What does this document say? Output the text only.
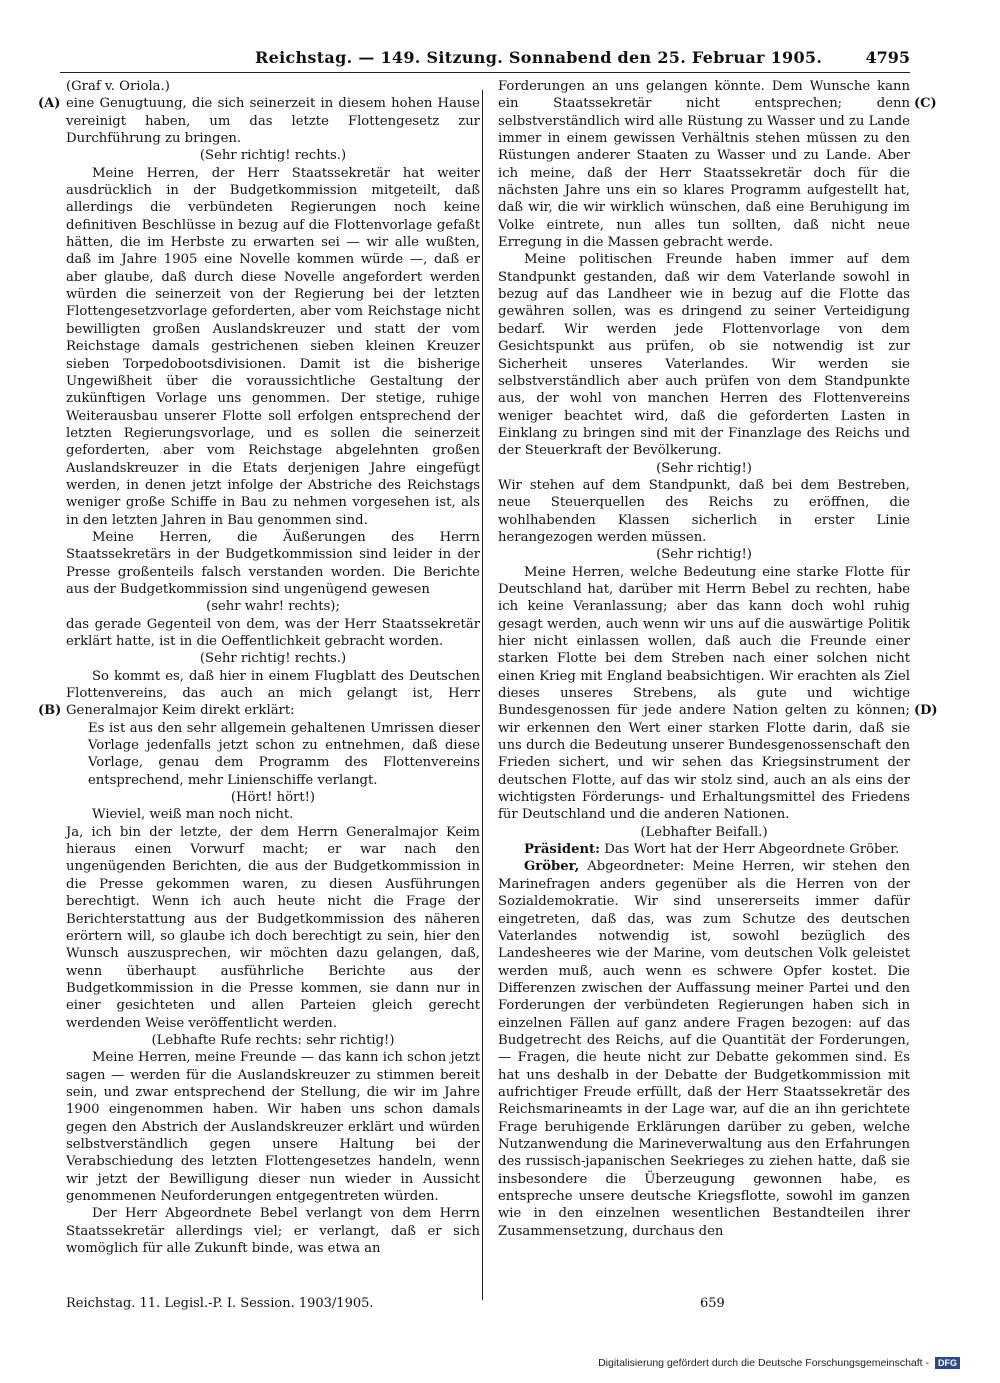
Reichstag. — 149. Sitzung. Sonnabend den 25. Februar 1905.	4795
(A)
(B)
(C)
(D)

(Graf v. Oriola.)

eine Genugtuung, die sich seinerzeit in diesem hohen Hause vereinigt haben, um das letzte Flottengesetz zur Durchführung zu bringen.

(Sehr richtig! rechts.)

Meine Herren, der Herr Staatssekretär hat weiter ausdrücklich in der Budgetkommission mitgeteilt, daß allerdings die verbündeten Regierungen noch keine definitiven Beschlüsse in bezug auf die Flottenvorlage gefaßt hätten, die im Herbste zu erwarten sei — wir alle wußten, daß im Jahre 1905 eine Novelle kommen würde —, daß er aber glaube, daß durch diese Novelle angefordert werden würden die seinerzeit von der Regierung bei der letzten Flottengesetzvorlage geforderten, aber vom Reichstage nicht bewilligten großen Auslandskreuzer und statt der vom Reichstage damals gestrichenen sieben kleinen Kreuzer sieben Torpedobootsdivisionen. Damit ist die bisherige Ungewißheit über die voraussichtliche Gestaltung der zukünftigen Vorlage uns genommen. Der stetige, ruhige Weiterausbau unserer Flotte soll erfolgen entsprechend der letzten Regierungsvorlage, und es sollen die seinerzeit geforderten, aber vom Reichstage abgelehnten großen Auslandskreuzer in die Etats derjenigen Jahre eingefügt werden, in denen jetzt infolge der Abstriche des Reichstags weniger große Schiffe in Bau zu nehmen vorgesehen ist, als in den letzten Jahren in Bau genommen sind.

Meine Herren, die Äußerungen des Herrn Staatssekretärs in der Budgetkommission sind leider in der Presse großenteils falsch verstanden worden. Die Berichte aus der Budgetkommission sind ungenügend gewesen

(sehr wahr! rechts);

das gerade Gegenteil von dem, was der Herr Staatssekretär erklärt hatte, ist in die Oeffentlichkeit gebracht worden.

(Sehr richtig! rechts.)

So kommt es, daß hier in einem Flugblatt des Deutschen Flottenvereins, das auch an mich gelangt ist, Herr Generalmajor Keim direkt erklärt:

Es ist aus den sehr allgemein gehaltenen Umrissen dieser Vorlage jedenfalls jetzt schon zu entnehmen, daß diese Vorlage, genau dem Programm des Flottenvereins entsprechend, mehr Linienschiffe verlangt.

(Hört! hört!)

Wieviel, weiß man noch nicht.

Ja, ich bin der letzte, der dem Herrn Generalmajor Keim hieraus einen Vorwurf macht; er war nach den ungenügenden Berichten, die aus der Budgetkommission in die Presse gekommen waren, zu diesen Ausführungen berechtigt. Wenn ich auch heute nicht die Frage der Berichterstattung aus der Budgetkommission des näheren erörtern will, so glaube ich doch berechtigt zu sein, hier den Wunsch auszusprechen, wir möchten dazu gelangen, daß, wenn überhaupt ausführliche Berichte aus der Budgetkommission in die Presse kommen, sie dann nur in einer gesichteten und allen Parteien gleich gerecht werdenden Weise veröffentlicht werden.

(Lebhafte Rufe rechts: sehr richtig!)

Meine Herren, meine Freunde — das kann ich schon jetzt sagen — werden für die Auslandskreuzer zu stimmen bereit sein, und zwar entsprechend der Stellung, die wir im Jahre 1900 eingenommen haben. Wir haben uns schon damals gegen den Abstrich der Auslandskreuzer erklärt und würden selbstverständlich gegen unsere Haltung bei der Verabschiedung des letzten Flottengesetzes handeln, wenn wir jetzt der Bewilligung dieser nun wieder in Aussicht genommenen Neuforderungen entgegentreten würden.

Der Herr Abgeordnete Bebel verlangt von dem Herrn Staatssekretär allerdings viel; er verlangt, daß er sich womöglich für alle Zukunft binde, was etwa an

Forderungen an uns gelangen könnte. Dem Wunsche kann ein Staatssekretär nicht entsprechen; denn selbstverständlich wird alle Rüstung zu Wasser und zu Lande immer in einem gewissen Verhältnis stehen müssen zu den Rüstungen anderer Staaten zu Wasser und zu Lande. Aber ich meine, daß der Herr Staatssekretär doch für die nächsten Jahre uns ein so klares Programm aufgestellt hat, daß wir, die wir wirklich wünschen, daß eine Beruhigung im Volke eintrete, nun alles tun sollten, daß nicht neue Erregung in die Massen gebracht werde.

Meine politischen Freunde haben immer auf dem Standpunkt gestanden, daß wir dem Vaterlande sowohl in bezug auf das Landheer wie in bezug auf die Flotte das gewähren sollen, was es dringend zu seiner Verteidigung bedarf. Wir werden jede Flottenvorlage von dem Gesichtspunkt aus prüfen, ob sie notwendig ist zur Sicherheit unseres Vaterlandes. Wir werden sie selbstverständlich aber auch prüfen von dem Standpunkte aus, der wohl von manchen Herren des Flottenvereins weniger beachtet wird, daß die geforderten Lasten in Einklang zu bringen sind mit der Finanzlage des Reichs und der Steuerkraft der Bevölkerung.

(Sehr richtig!)

Wir stehen auf dem Standpunkt, daß bei dem Bestreben, neue Steuerquellen des Reichs zu eröffnen, die wohlhabenden Klassen sicherlich in erster Linie herangezogen werden müssen.

(Sehr richtig!)

Meine Herren, welche Bedeutung eine starke Flotte für Deutschland hat, darüber mit Herrn Bebel zu rechten, habe ich keine Veranlassung; aber das kann doch wohl ruhig gesagt werden, auch wenn wir uns auf die auswärtige Politik hier nicht einlassen wollen, daß auch die Freunde einer starken Flotte bei dem Streben nach einer solchen nicht einen Krieg mit England beabsichtigen. Wir erachten als Ziel dieses unseres Strebens, als gute und wichtige Bundesgenossen für jede andere Nation gelten zu können; wir erkennen den Wert einer starken Flotte darin, daß sie uns durch die Bedeutung unserer Bundesgenossenschaft den Frieden sichert, und wir sehen das Kriegsinstrument der deutschen Flotte, auf das wir stolz sind, auch an als eins der wichtigsten Förderungs- und Erhaltungsmittel des Friedens für Deutschland und die anderen Nationen.

(Lebhafter Beifall.)

Präsident: Das Wort hat der Herr Abgeordnete Gröber.

Gröber, Abgeordneter: Meine Herren, wir stehen den Marinefragen anders gegenüber als die Herren von der Sozialdemokratie. Wir sind unsererseits immer dafür eingetreten, daß das, was zum Schutze des deutschen Vaterlandes notwendig ist, sowohl bezüglich des Landesheeres wie der Marine, vom deutschen Volk geleistet werden muß, auch wenn es schwere Opfer kostet. Die Differenzen zwischen der Auffassung meiner Partei und den Forderungen der verbündeten Regierungen haben sich in einzelnen Fällen auf ganz andere Fragen bezogen: auf das Budgetrecht des Reichs, auf die Quantität der Forderungen, — Fragen, die heute nicht zur Debatte gekommen sind. Es hat uns deshalb in der Debatte der Budgetkommission mit aufrichtiger Freude erfüllt, daß der Herr Staatssekretär des Reichsmarineamts in der Lage war, auf die an ihn gerichtete Frage beruhigende Erklärungen darüber zu geben, welche Nutzanwendung die Marineverwaltung aus den Erfahrungen des russisch-japanischen Seekrieges zu ziehen hatte, daß sie insbesondere die Überzeugung gewonnen habe, es entspreche unsere deutsche Kriegsflotte, sowohl im ganzen wie in den einzelnen wesentlichen Bestandteilen ihrer Zusammensetzung, durchaus den

Reichstag. 11. Legisl.-P. I. Session. 1903/1905.	659
Digitalisierung gefördert durch die Deutsche Forschungsgemeinschaft - DFG
